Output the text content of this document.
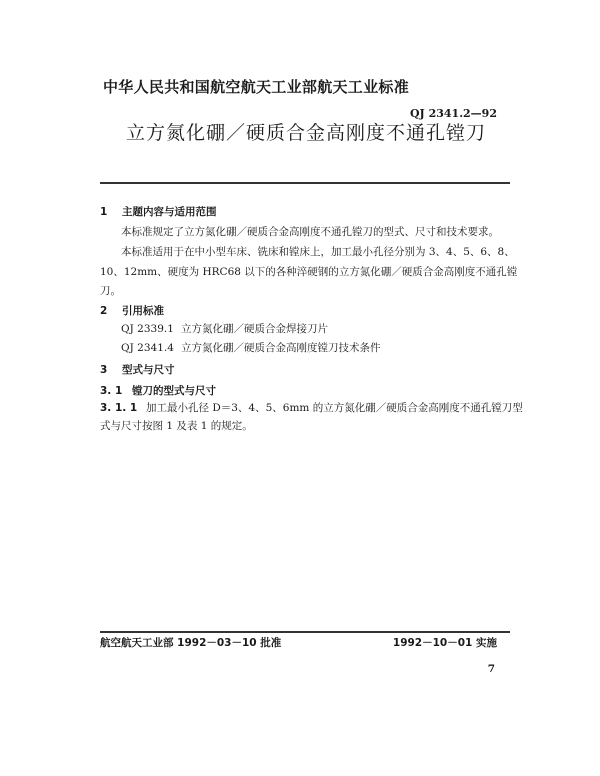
中华人民共和国航空航天工业部航天工业标准
QJ 2341.2—92
立方氮化硼／硬质合金高刚度不通孔镗刀
1 主题内容与适用范围
本标准规定了立方氮化硼／硬质合金高刚度不通孔镗刀的型式、尺寸和技术要求。
本标准适用于在中小型车床、铣床和镗床上，加工最小孔径分别为 3、4、5、6、8、
10、12mm、硬度为 HRC68 以下的各种淬硬钢的立方氮化硼／硬质合金高刚度不通孔镗
刀。
2 引用标准
QJ 2339.1 立方氮化硼／硬质合金焊接刀片
QJ 2341.4 立方氮化硼／硬质合金高刚度镗刀技术条件
3 型式与尺寸
3. 1 镗刀的型式与尺寸
3. 1. 1 加工最小孔径 D＝3、4、5、6mm 的立方氮化硼／硬质合金高刚度不通孔镗刀型
式与尺寸按图 1 及表 1 的规定。
航空航天工业部 1992－03－10 批准	1992－10－01 实施
7
